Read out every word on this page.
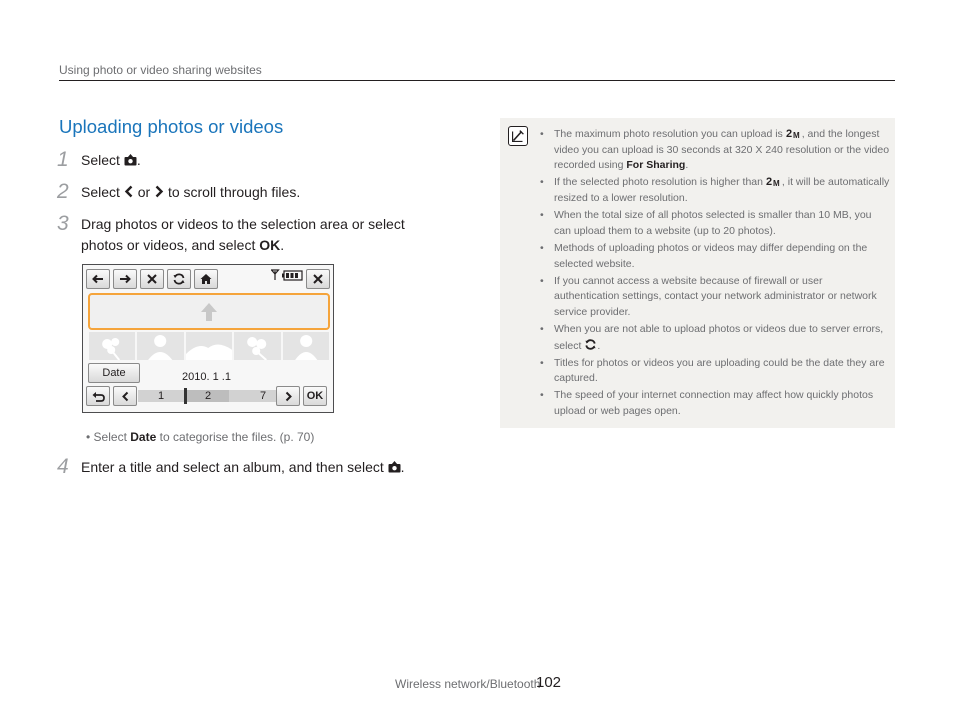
Using photo or video sharing websites
Uploading photos or videos
1 Select .
2 Select or to scroll through files.
3 Drag photos or videos to the selection area or select
photos or videos, and select OK.
Date	2010. 1 .1
1	2	7	OK
• Select Date to categorise the files. (p. 70)
4 Enter a title and select an album, and then select .
• The maximum photo resolution you can upload is 2 M , and the longest video you can upload is 30 seconds at 320 X 240 resolution or the video recorded using For Sharing.
• If the selected photo resolution is higher than 2 M , it will be automatically resized to a lower resolution.
• When the total size of all photos selected is smaller than 10 MB, you can upload them to a website (up to 20 photos).
• Methods of uploading photos or videos may differ depending on the selected website.
• If you cannot access a website because of firewall or user authentication settings, contact your network administrator or network service provider.
• When you are not able to upload photos or videos due to server errors, select .
• Titles for photos or videos you are uploading could be the date they are captured.
• The speed of your internet connection may affect how quickly photos upload or web pages open.
Wireless network/Bluetooth
102
